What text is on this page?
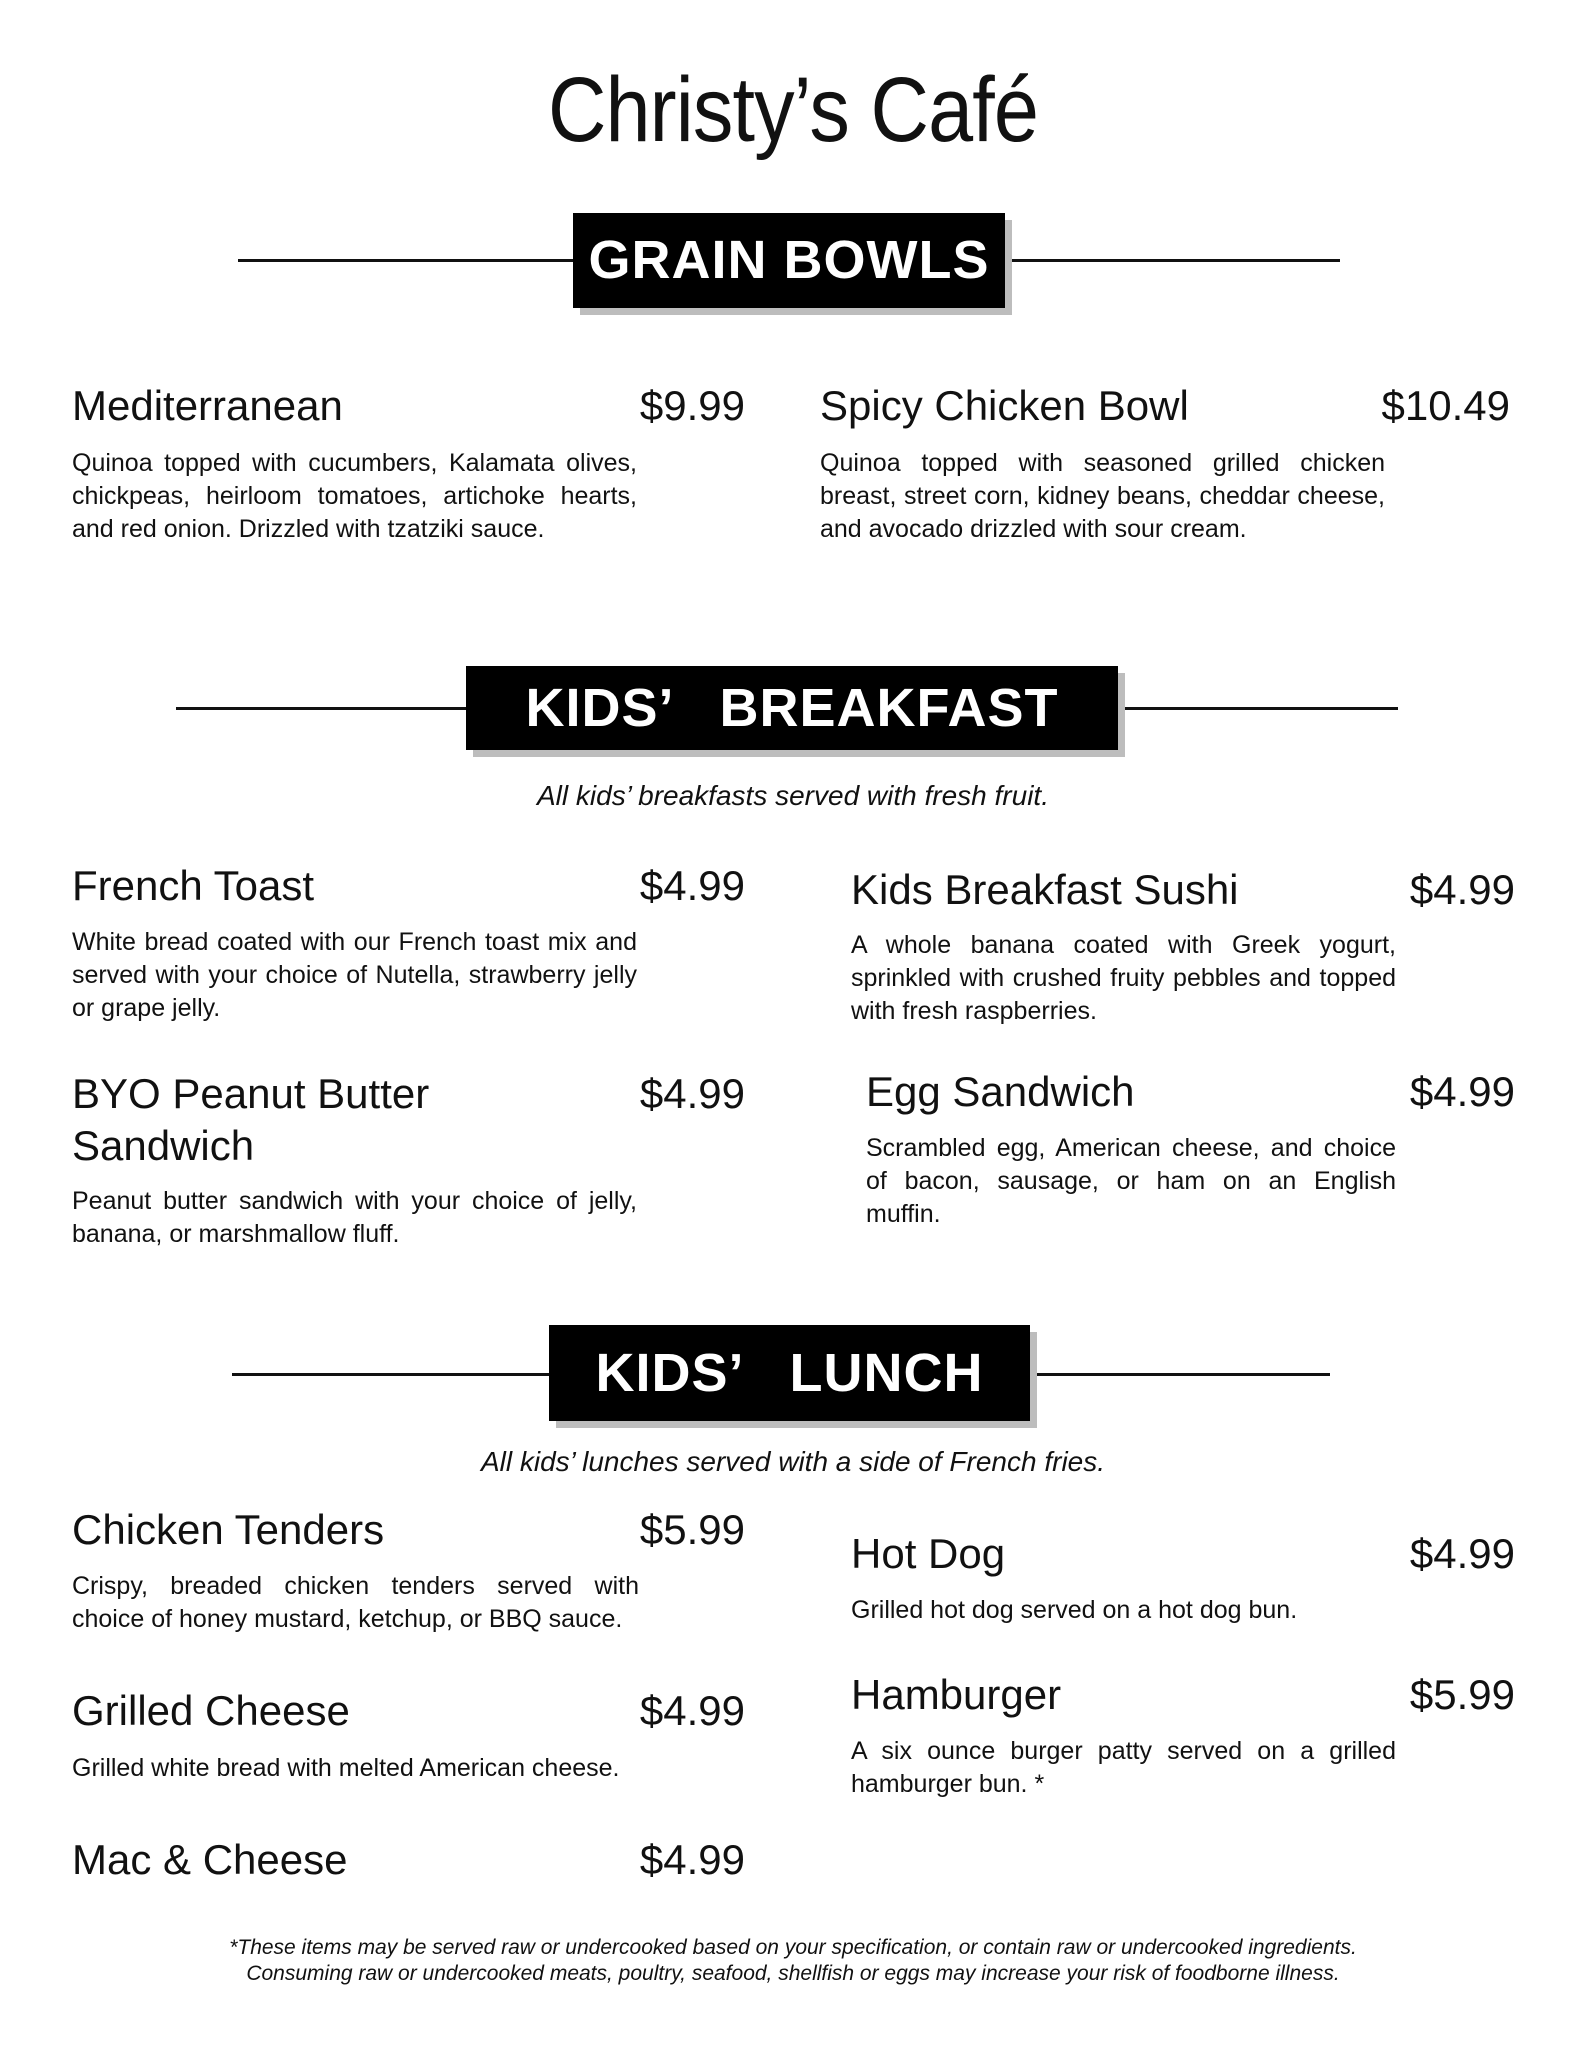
Christy’s Café
GRAIN BOWLS
Mediterranean	$9.99
Quinoa topped with cucumbers, Kalamata olives, chickpeas, heirloom tomatoes, artichoke hearts, and red onion. Drizzled with tzatziki sauce.
Spicy Chicken Bowl	$10.49
Quinoa topped with seasoned grilled chicken breast, street corn, kidney beans, cheddar cheese, and avocado drizzled with sour cream.
KIDS’   BREAKFAST
All kids’ breakfasts served with fresh fruit.
French Toast	$4.99
White bread coated with our French toast mix and served with your choice of Nutella, strawberry jelly or grape jelly.
Kids Breakfast Sushi	$4.99
A whole banana coated with Greek yogurt, sprinkled with crushed fruity pebbles and topped with fresh raspberries.
BYO Peanut Butter Sandwich
$4.99
Peanut butter sandwich with your choice of jelly, banana, or marshmallow fluff.
Egg Sandwich	$4.99
Scrambled egg, American cheese, and choice of bacon, sausage, or ham on an English muffin.
KIDS’   LUNCH
All kids’ lunches served with a side of French fries.
Chicken Tenders	$5.99
Crispy, breaded chicken tenders served with choice of honey mustard, ketchup, or BBQ sauce.
Hot Dog	$4.99
Grilled hot dog served on a hot dog bun.
Grilled Cheese	$4.99
Grilled white bread with melted American cheese.
Hamburger	$5.99
A six ounce burger patty served on a grilled hamburger bun. *
Mac & Cheese	$4.99
*These items may be served raw or undercooked based on your specification, or contain raw or undercooked ingredients.
Consuming raw or undercooked meats, poultry, seafood, shellfish or eggs may increase your risk of foodborne illness.
